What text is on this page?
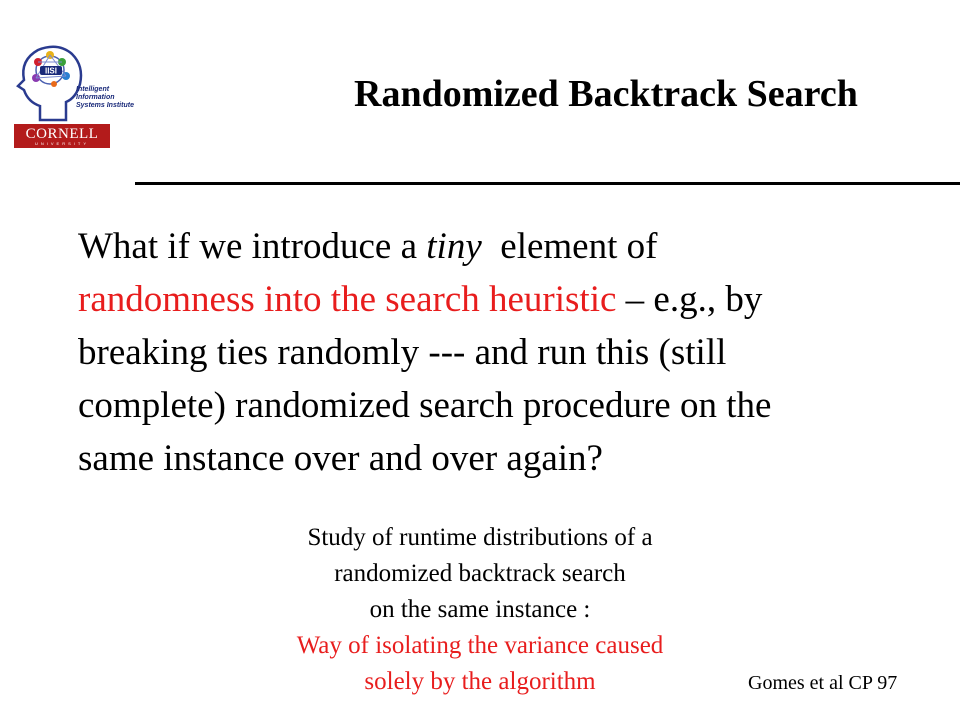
IISI
Intelligent Information
Systems Institute
CORNELL
UNIVERSITY
Randomized Backtrack Search
What if we introduce a tiny  element of
randomness into the search heuristic – e.g., by
breaking ties randomly --- and run this (still
complete) randomized search procedure on the
same instance over and over again?
Study of runtime distributions of a
randomized backtrack search
on the same instance :
Way of isolating the variance caused
solely by the algorithm	Gomes et al CP 97
